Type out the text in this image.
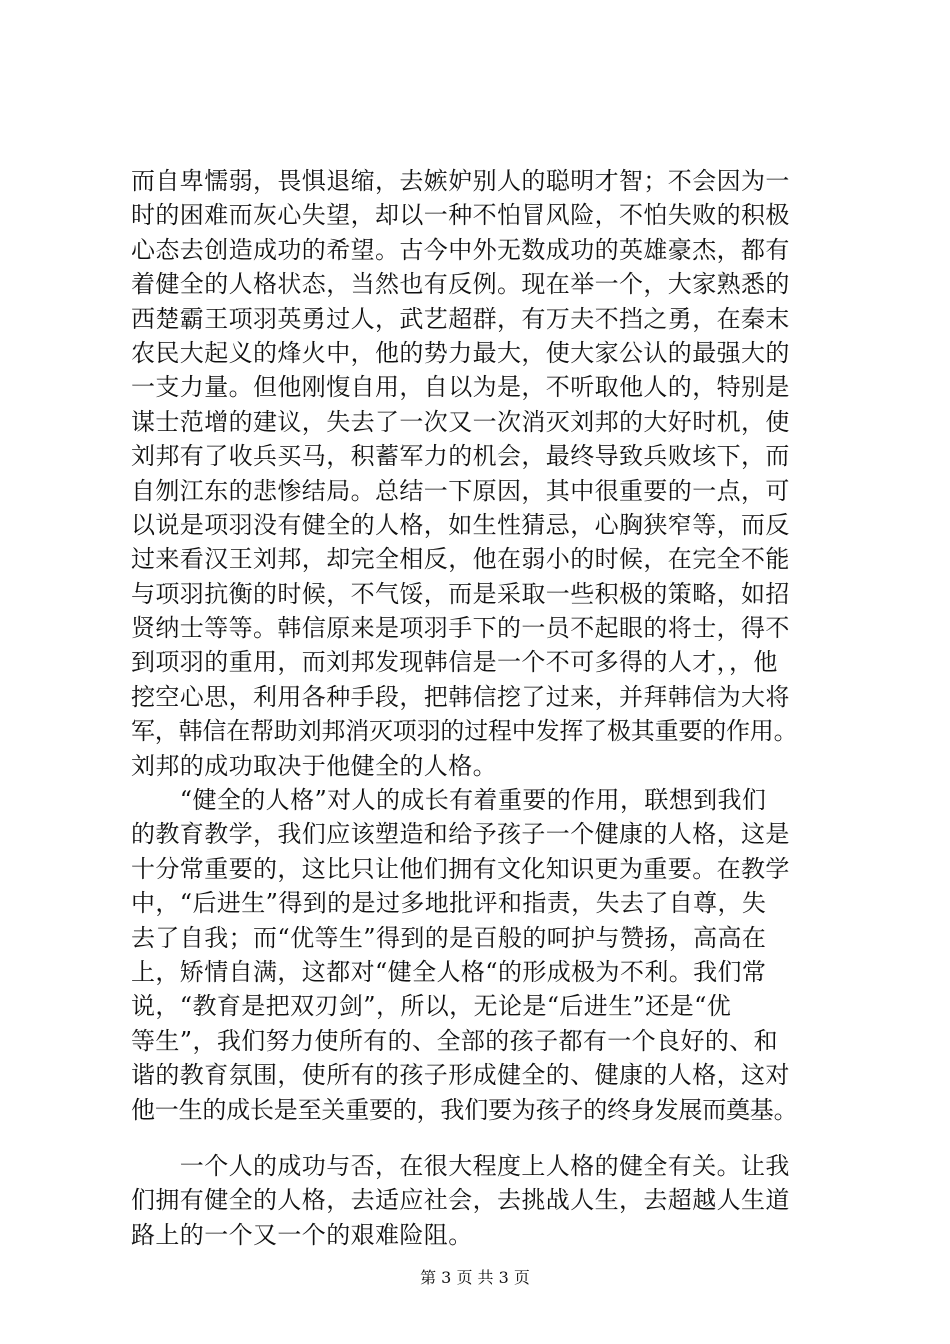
而自卑懦弱，畏惧退缩，去嫉妒别人的聪明才智；不会因为一
时的困难而灰心失望，却以一种不怕冒风险，不怕失败的积极
心态去创造成功的希望。古今中外无数成功的英雄豪杰，都有
着健全的人格状态，当然也有反例。现在举一个，大家熟悉的
西楚霸王项羽英勇过人，武艺超群，有万夫不挡之勇，在秦末
农民大起义的烽火中，他的势力最大，使大家公认的最强大的
一支力量。但他刚愎自用，自以为是，不听取他人的，特别是
谋士范增的建议，失去了一次又一次消灭刘邦的大好时机，使
刘邦有了收兵买马，积蓄军力的机会，最终导致兵败垓下，而
自刎江东的悲惨结局。总结一下原因，其中很重要的一点，可
以说是项羽没有健全的人格，如生性猜忌，心胸狭窄等，而反
过来看汉王刘邦，却完全相反，他在弱小的时候，在完全不能
与项羽抗衡的时候，不气馁，而是采取一些积极的策略，如招
贤纳士等等。韩信原来是项羽手下的一员不起眼的将士，得不
到项羽的重用，而刘邦发现韩信是一个不可多得的人才，，他
挖空心思，利用各种手段，把韩信挖了过来，并拜韩信为大将
军，韩信在帮助刘邦消灭项羽的过程中发挥了极其重要的作用。
刘邦的成功取决于他健全的人格。
　　“健全的人格”对人的成长有着重要的作用，联想到我们
的教育教学，我们应该塑造和给予孩子一个健康的人格，这是
十分常重要的，这比只让他们拥有文化知识更为重要。在教学
中，“后进生”得到的是过多地批评和指责，失去了自尊，失
去了自我；而“优等生”得到的是百般的呵护与赞扬，高高在
上，矫情自满，这都对“健全人格“的形成极为不利。我们常
说，“教育是把双刃剑”，所以，无论是“后进生”还是“优
等生”，我们努力使所有的、全部的孩子都有一个良好的、和
谐的教育氛围，使所有的孩子形成健全的、健康的人格，这对
他一生的成长是至关重要的，我们要为孩子的终身发展而奠基。
　　一个人的成功与否，在很大程度上人格的健全有关。让我
们拥有健全的人格，去适应社会，去挑战人生，去超越人生道
路上的一个又一个的艰难险阻。
第 3 页 共 3 页
